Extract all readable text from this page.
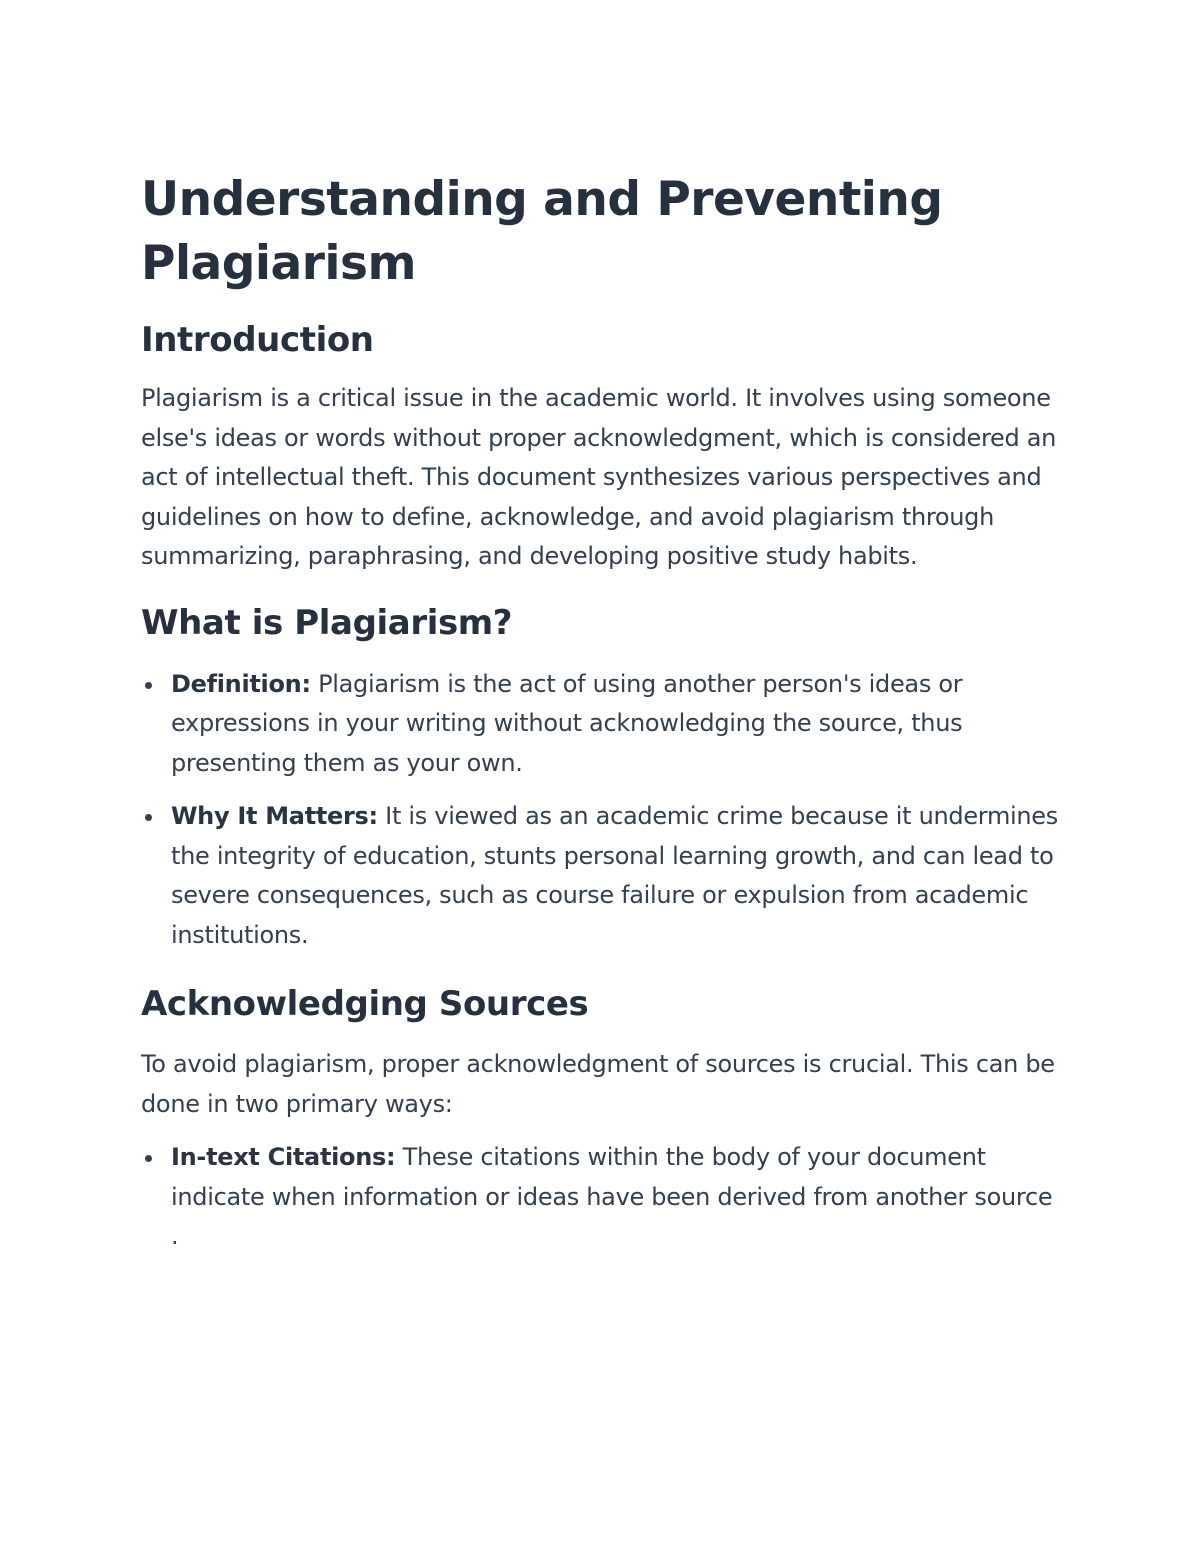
Understanding and Preventing Plagiarism
Introduction

Plagiarism is a critical issue in the academic world. It involves using someone else's ideas or words without proper acknowledgment, which is considered an act of intellectual theft. This document synthesizes various perspectives and guidelines on how to define, acknowledge, and avoid plagiarism through summarizing, paraphrasing, and developing positive study habits.

What is Plagiarism?
Definition: Plagiarism is the act of using another person's ideas or expressions in your writing without acknowledging the source, thus presenting them as your own.
Why It Matters: It is viewed as an academic crime because it undermines the integrity of education, stunts personal learning growth, and can lead to severe consequences, such as course failure or expulsion from academic institutions.
Acknowledging Sources

To avoid plagiarism, proper acknowledgment of sources is crucial. This can be done in two primary ways:

In-text Citations: These citations within the body of your document indicate when information or ideas have been derived from another source .
